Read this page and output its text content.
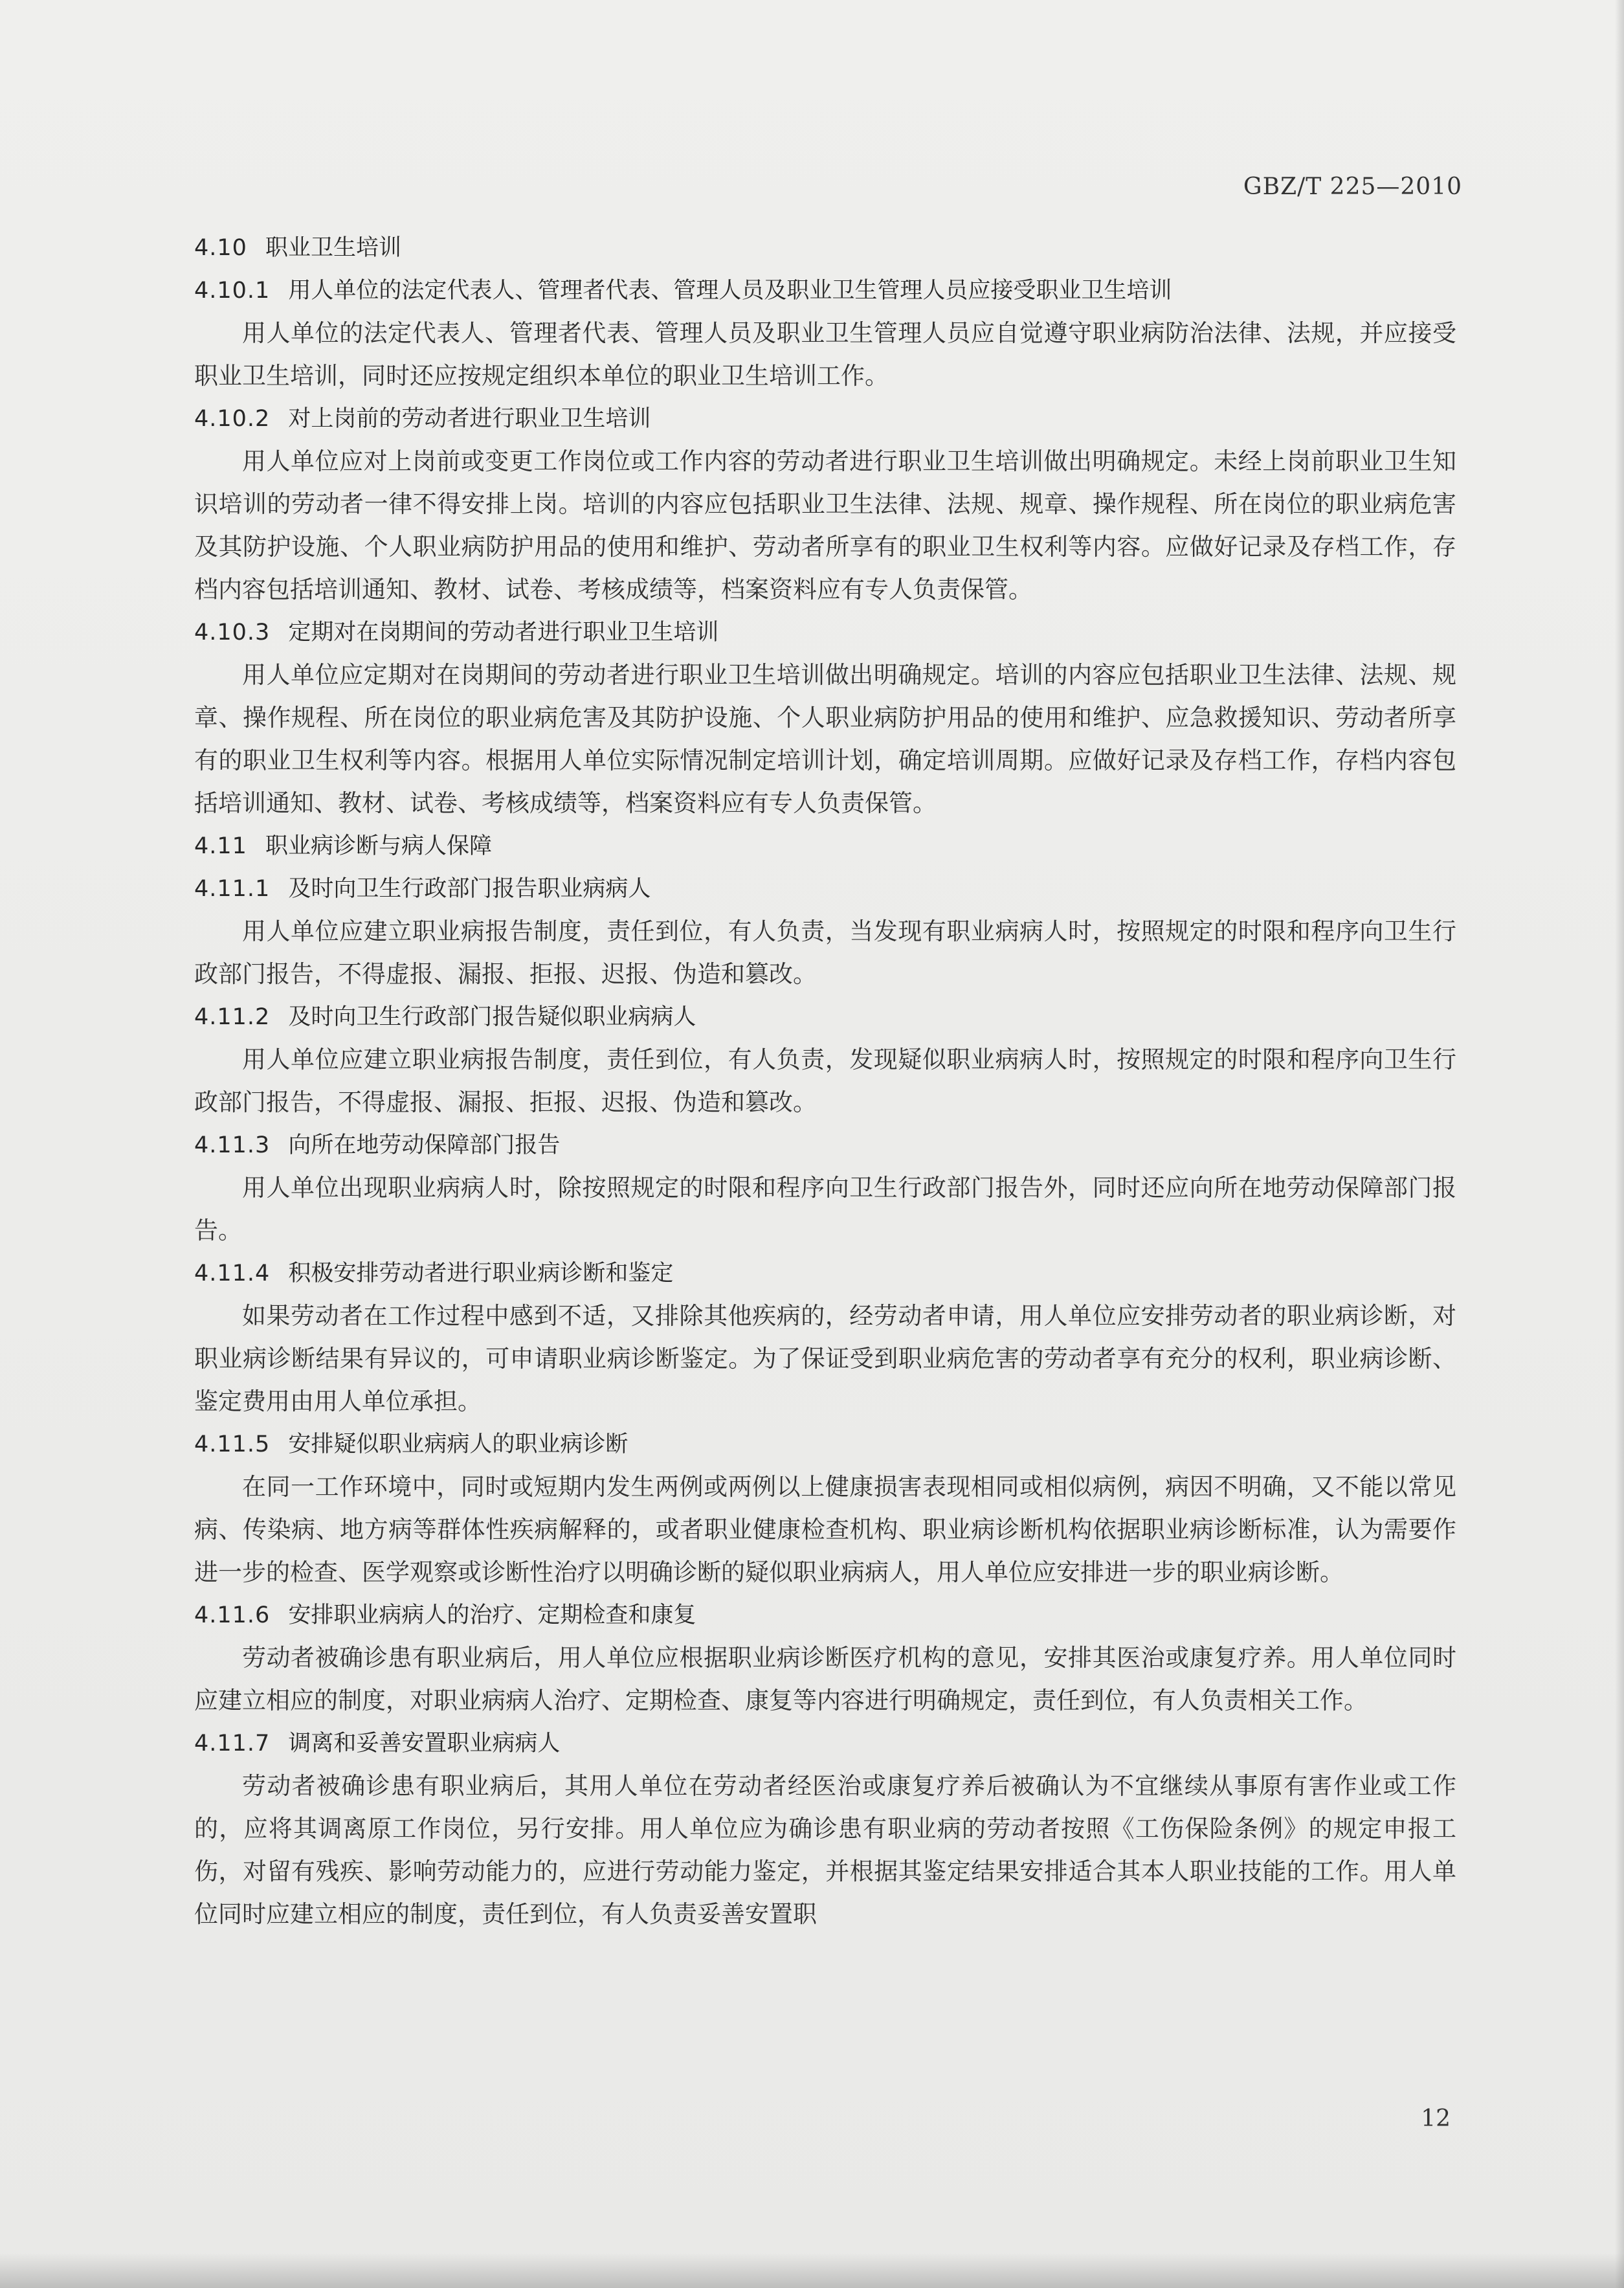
GBZ/T 225—2010
4.10 职业卫生培训
4.10.1 用人单位的法定代表人、管理者代表、管理人员及职业卫生管理人员应接受职业卫生培训

用人单位的法定代表人、管理者代表、管理人员及职业卫生管理人员应自觉遵守职业病防治法律、法规，并应接受职业卫生培训，同时还应按规定组织本单位的职业卫生培训工作。

4.10.2 对上岗前的劳动者进行职业卫生培训

用人单位应对上岗前或变更工作岗位或工作内容的劳动者进行职业卫生培训做出明确规定。未经上岗前职业卫生知识培训的劳动者一律不得安排上岗。培训的内容应包括职业卫生法律、法规、规章、操作规程、所在岗位的职业病危害及其防护设施、个人职业病防护用品的使用和维护、劳动者所享有的职业卫生权利等内容。应做好记录及存档工作，存档内容包括培训通知、教材、试卷、考核成绩等，档案资料应有专人负责保管。

4.10.3 定期对在岗期间的劳动者进行职业卫生培训

用人单位应定期对在岗期间的劳动者进行职业卫生培训做出明确规定。培训的内容应包括职业卫生法律、法规、规章、操作规程、所在岗位的职业病危害及其防护设施、个人职业病防护用品的使用和维护、应急救援知识、劳动者所享有的职业卫生权利等内容。根据用人单位实际情况制定培训计划，确定培训周期。应做好记录及存档工作，存档内容包括培训通知、教材、试卷、考核成绩等，档案资料应有专人负责保管。

4.11 职业病诊断与病人保障
4.11.1 及时向卫生行政部门报告职业病病人

用人单位应建立职业病报告制度，责任到位，有人负责，当发现有职业病病人时，按照规定的时限和程序向卫生行政部门报告，不得虚报、漏报、拒报、迟报、伪造和篡改。

4.11.2 及时向卫生行政部门报告疑似职业病病人

用人单位应建立职业病报告制度，责任到位，有人负责，发现疑似职业病病人时，按照规定的时限和程序向卫生行政部门报告，不得虚报、漏报、拒报、迟报、伪造和篡改。

4.11.3 向所在地劳动保障部门报告

用人单位出现职业病病人时，除按照规定的时限和程序向卫生行政部门报告外，同时还应向所在地劳动保障部门报告。

4.11.4 积极安排劳动者进行职业病诊断和鉴定

如果劳动者在工作过程中感到不适，又排除其他疾病的，经劳动者申请，用人单位应安排劳动者的职业病诊断，对职业病诊断结果有异议的，可申请职业病诊断鉴定。为了保证受到职业病危害的劳动者享有充分的权利，职业病诊断、鉴定费用由用人单位承担。

4.11.5 安排疑似职业病病人的职业病诊断

在同一工作环境中，同时或短期内发生两例或两例以上健康损害表现相同或相似病例，病因不明确，又不能以常见病、传染病、地方病等群体性疾病解释的，或者职业健康检查机构、职业病诊断机构依据职业病诊断标准，认为需要作进一步的检查、医学观察或诊断性治疗以明确诊断的疑似职业病病人，用人单位应安排进一步的职业病诊断。

4.11.6 安排职业病病人的治疗、定期检查和康复

劳动者被确诊患有职业病后，用人单位应根据职业病诊断医疗机构的意见，安排其医治或康复疗养。用人单位同时应建立相应的制度，对职业病病人治疗、定期检查、康复等内容进行明确规定，责任到位，有人负责相关工作。

4.11.7 调离和妥善安置职业病病人

劳动者被确诊患有职业病后，其用人单位在劳动者经医治或康复疗养后被确认为不宜继续从事原有害作业或工作的，应将其调离原工作岗位，另行安排。用人单位应为确诊患有职业病的劳动者按照《工伤保险条例》的规定申报工伤，对留有残疾、影响劳动能力的，应进行劳动能力鉴定，并根据其鉴定结果安排适合其本人职业技能的工作。用人单位同时应建立相应的制度，责任到位，有人负责妥善安置职

12
